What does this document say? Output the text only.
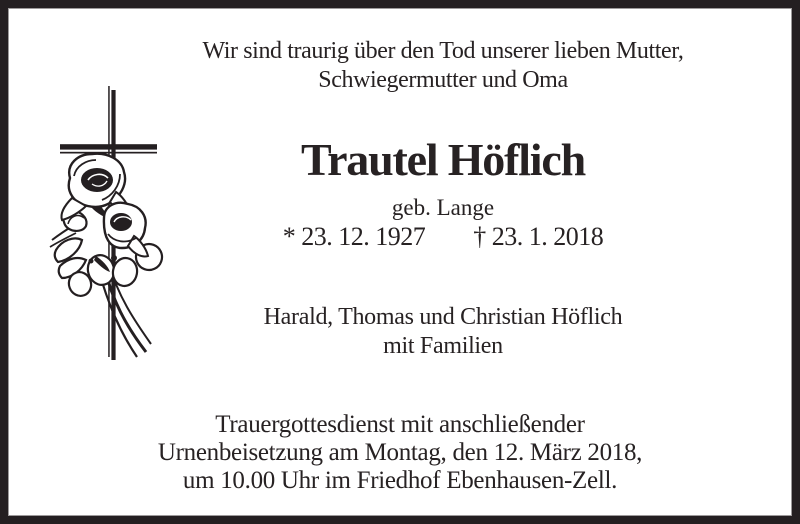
Wir sind traurig über den Tod unserer lieben Mutter,
Schwiegermutter und Oma
Trautel Höflich
geb. Lange
* 23. 12. 1927 † 23. 1. 2018
Harald, Thomas und Christian Höflich
mit Familien
Trauergottesdienst mit anschließender
Urnenbeisetzung am Montag, den 12. März 2018,
um 10.00 Uhr im Friedhof Ebenhausen-Zell.
